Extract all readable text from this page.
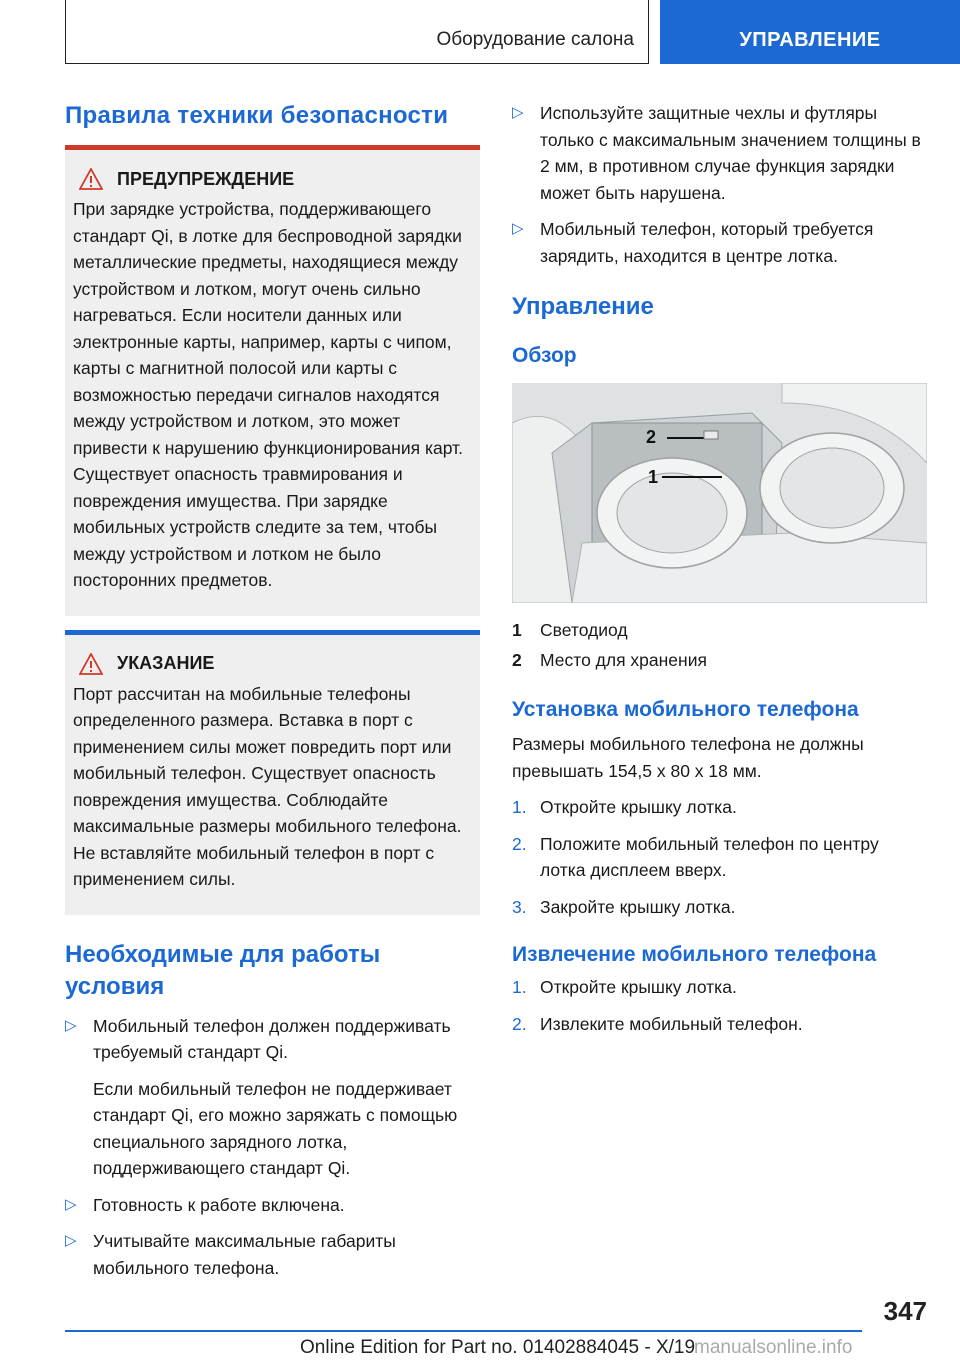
Оборудование салона	УПРАВЛЕНИЕ
Правила техники безопасности
ПРЕДУПРЕЖДЕНИЕ
При зарядке устройства, поддерживающего стандарт Qi, в лотке для беспроводной зарядки металлические предметы, находящиеся между устройством и лотком, могут очень сильно нагреваться. Если носители данных или электронные карты, например, карты с чипом, карты с магнитной полосой или карты с возможностью передачи сигналов находятся между устройством и лотком, это может привести к нарушению функционирования карт. Существует опасность травмирования и повреждения имущества. При зарядке мобильных устройств следите за тем, чтобы между устройством и лотком не было посторонних предметов.
УКАЗАНИЕ
Порт рассчитан на мобильные телефоны определенного размера. Вставка в порт с применением силы может повредить порт или мобильный телефон. Существует опасность повреждения имущества. Соблюдайте максимальные размеры мобильного телефона. Не вставляйте мобильный телефон в порт с применением силы.
Необходимые для работы условия
▷ Мобильный телефон должен поддерживать требуемый стандарт Qi.
Если мобильный телефон не поддерживает стандарт Qi, его можно заряжать с помощью специального зарядного лотка, поддерживающего стандарт Qi.
▷ Готовность к работе включена.
▷ Учитывайте максимальные габариты мобильного телефона.
▷ Используйте защитные чехлы и футляры только с максимальным значением толщины в 2 мм, в противном случае функция зарядки может быть нарушена.
▷ Мобильный телефон, который требуется зарядить, находится в центре лотка.
Управление
Обзор
2
1
1	Светодиод
2	Место для хранения
Установка мобильного телефона
Размеры мобильного телефона не должны превышать 154,5 x 80 x 18 мм.
1. Откройте крышку лотка.
2. Положите мобильный телефон по центру лотка дисплеем вверх.
3. Закройте крышку лотка.
Извлечение мобильного телефона
1. Откройте крышку лотка.
2. Извлеките мобильный телефон.
347
Online Edition for Part no. 01402884045 - X/19
manualsonline.info
